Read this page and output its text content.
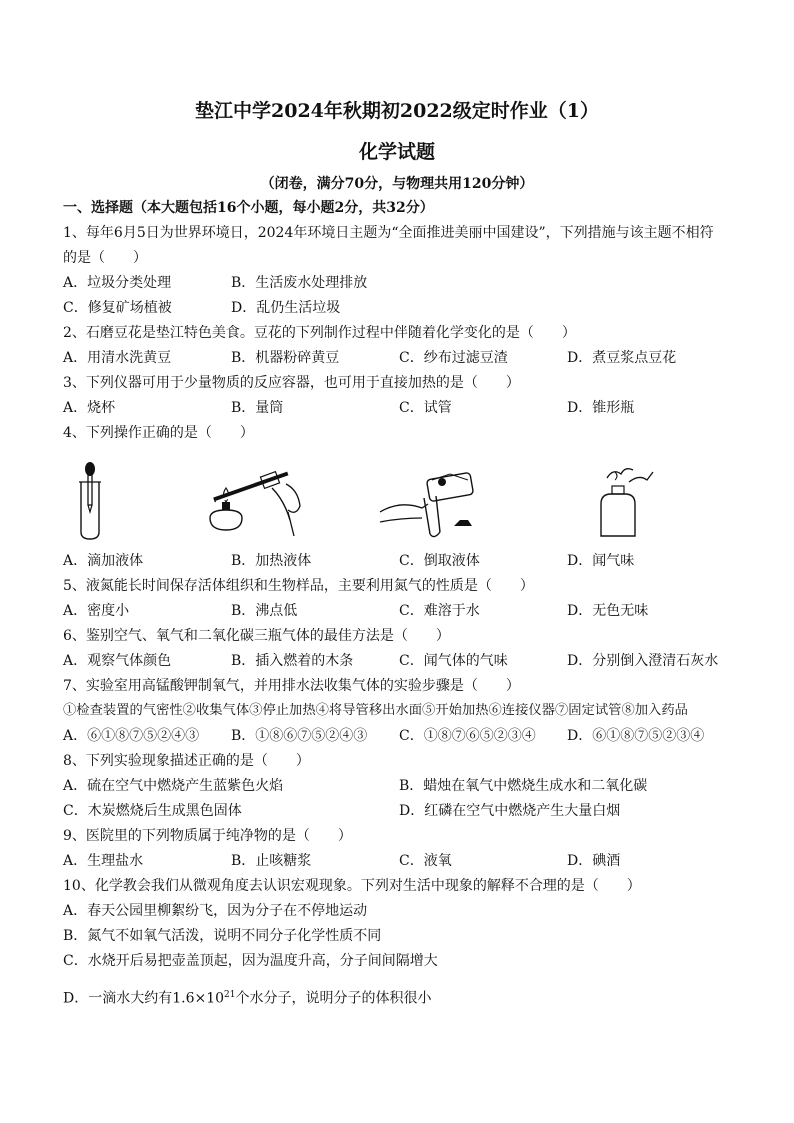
垫江中学2024年秋期初2022级定时作业（1）
化学试题
（闭卷，满分70分，与物理共用120分钟）
一、选择题（本大题包括16个小题，每小题2分，共32分）
1、每年6月5日为世界环境日，2024年环境日主题为“全面推进美丽中国建设”，下列措施与该主题不相符
的是（　　）
A．垃圾分类处理	B．生活废水处理排放
C．修复矿场植被	D．乱仍生活垃圾
2、石磨豆花是垫江特色美食。豆花的下列制作过程中伴随着化学变化的是（　　）
A．用清水洗黄豆	B．机器粉碎黄豆	C．纱布过滤豆渣	D．煮豆浆点豆花
3、下列仪器可用于少量物质的反应容器，也可用于直接加热的是（　　）
A．烧杯	B．量筒	C．试管	D．锥形瓶
4、下列操作正确的是（　　）
A．滴加液体	B．加热液体	C．倒取液体	D．闻气味
5、液氮能长时间保存活体组织和生物样品，主要利用氮气的性质是（　　）
A．密度小	B．沸点低	C．难溶于水	D．无色无味
6、鉴别空气、氧气和二氧化碳三瓶气体的最佳方法是（　　）
A．观察气体颜色	B．插入燃着的木条	C．闻气体的气味	D．分别倒入澄清石灰水
7、实验室用高锰酸钾制氧气，并用排水法收集气体的实验步骤是（　　）
①检查装置的气密性②收集气体③停止加热④将导管移出水面⑤开始加热⑥连接仪器⑦固定试管⑧加入药品
A．⑥①⑧⑦⑤②④③ B．①⑧⑥⑦⑤②④③ C．①⑧⑦⑥⑤②③④ D．⑥①⑧⑦⑤②③④
8、下列实验现象描述正确的是（　　）
A．硫在空气中燃烧产生蓝紫色火焰	B．蜡烛在氧气中燃烧生成水和二氧化碳
C．木炭燃烧后生成黑色固体	D．红磷在空气中燃烧产生大量白烟
9、医院里的下列物质属于纯净物的是（　　）
A．生理盐水	B．止咳糖浆	C．液氧	D．碘酒
10、化学教会我们从微观角度去认识宏观现象。下列对生活中现象的解释不合理的是（　　）
A．春天公园里柳絮纷飞，因为分子在不停地运动
B．氮气不如氧气活泼，说明不同分子化学性质不同
C．水烧开后易把壶盖顶起，因为温度升高，分子间间隔增大
D．一滴水大约有$1.6\times 10^{21}$个水分子，说明分子的体积很小
